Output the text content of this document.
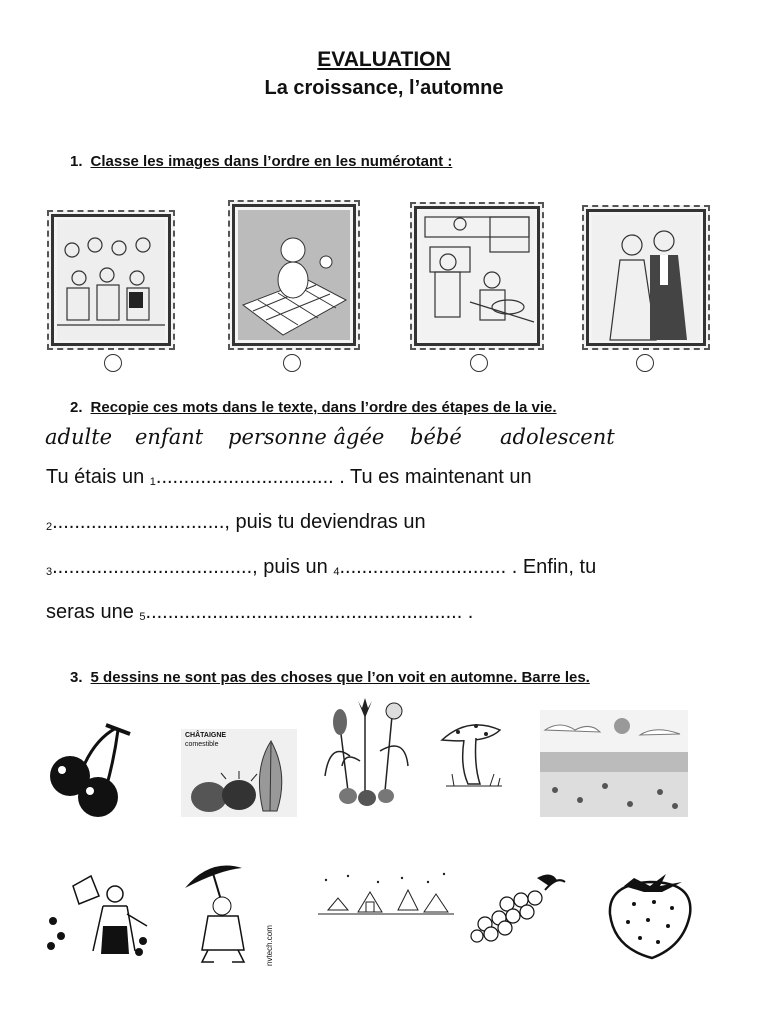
EVALUATION
La croissance, l’automne
1. Classe les images dans l’ordre en les numérotant :
2. Recopie ces mots dans le texte, dans l’ordre des étapes de la vie.
adulte enfant personne âgée bébé adolescent
Tu étais un 1................................ . Tu es maintenant un
2..............................., puis tu deviendras un
3...................................., puis un 4.............................. . Enfin, tu
seras une 5......................................................... .
3. 5 dessins ne sont pas des choses que l’on voit en automne. Barre les.
CHÂTAIGNE
comestible
nvtech.com
